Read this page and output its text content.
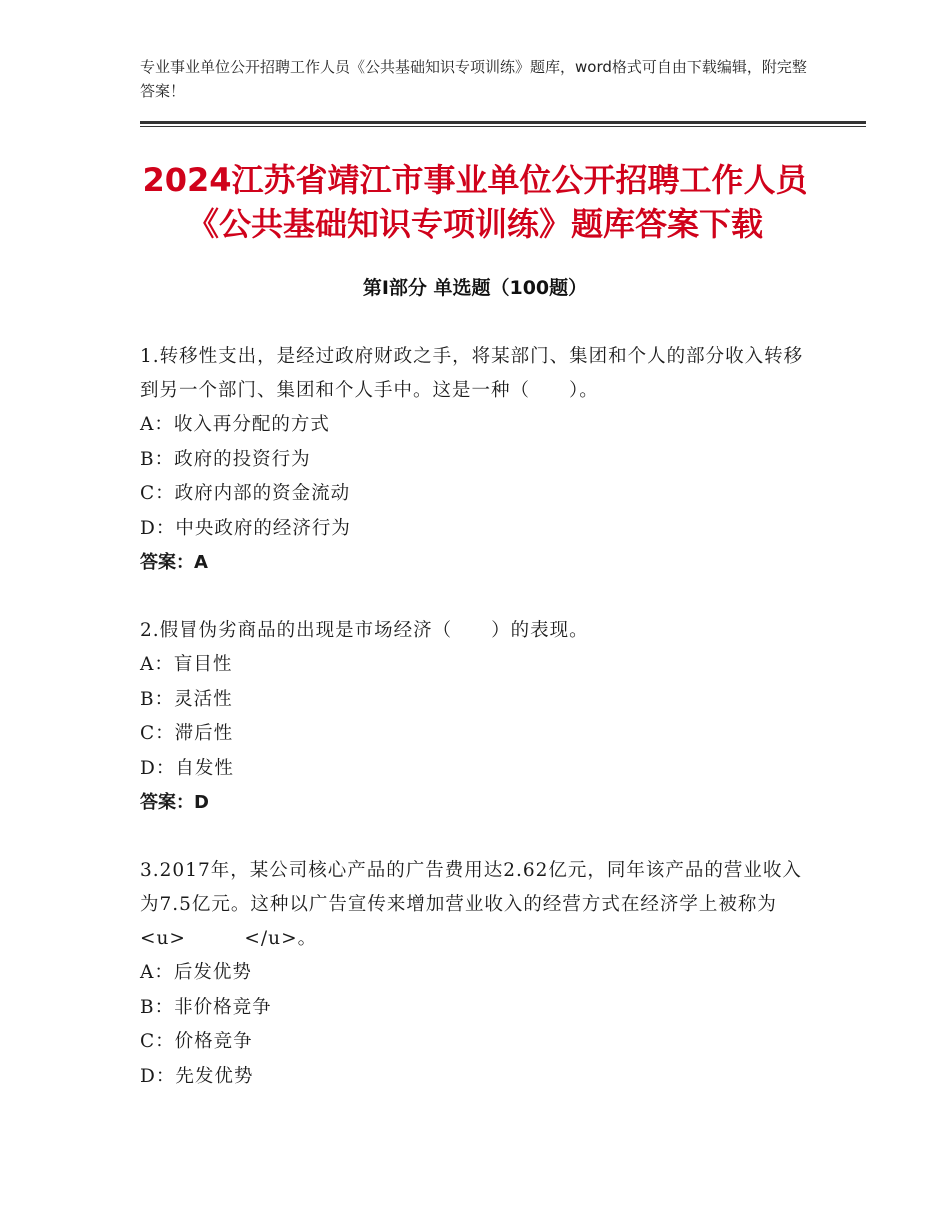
专业事业单位公开招聘工作人员《公共基础知识专项训练》题库，word格式可自由下载编辑，附完整答案！
2024江苏省靖江市事业单位公开招聘工作人员《公共基础知识专项训练》题库答案下载
第Ⅰ部分 单选题（100题）
1.转移性支出，是经过政府财政之手，将某部门、集团和个人的部分收入转移到另一个部门、集团和个人手中。这是一种（　　）。
A：收入再分配的方式
B：政府的投资行为
C：政府内部的资金流动
D：中央政府的经济行为
答案：A
2.假冒伪劣商品的出现是市场经济（　　）的表现。
A：盲目性
B：灵活性
C：滞后性
D：自发性
答案：D
3.2017年，某公司核心产品的广告费用达2.62亿元，同年该产品的营业收入为7.5亿元。这种以广告宣传来增加营业收入的经营方式在经济学上被称为<u>　　　</u>。
A：后发优势
B：非价格竞争
C：价格竞争
D：先发优势
